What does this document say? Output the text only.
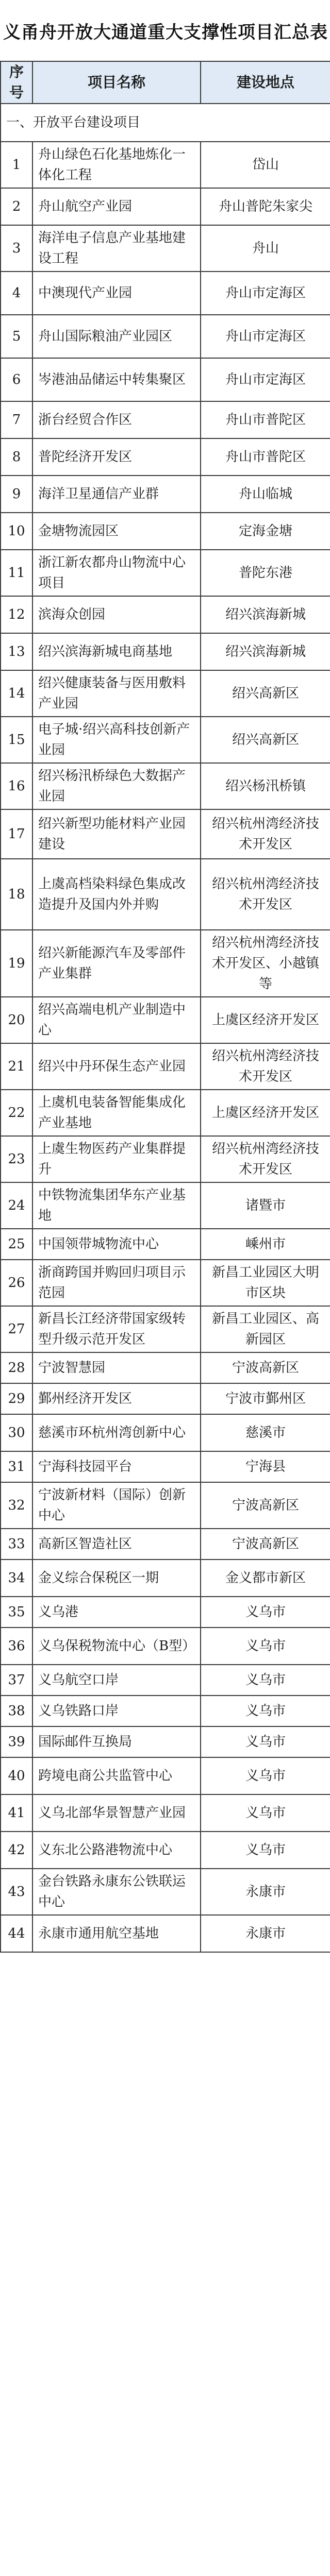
义甬舟开放大通道重大支撑性项目汇总表
序号	项目名称	建设地点
一、开放平台建设项目		
1	舟山绿色石化基地炼化一体化工程	岱山
2	舟山航空产业园	舟山普陀朱家尖
3	海洋电子信息产业基地建设工程	舟山
4	中澳现代产业园	舟山市定海区
5	舟山国际粮油产业园区	舟山市定海区
6	岑港油品储运中转集聚区	舟山市定海区
7	浙台经贸合作区	舟山市普陀区
8	普陀经济开发区	舟山市普陀区
9	海洋卫星通信产业群	舟山临城
10	金塘物流园区	定海金塘
11	浙江新农都舟山物流中心项目	普陀东港
12	滨海众创园	绍兴滨海新城
13	绍兴滨海新城电商基地	绍兴滨海新城
14	绍兴健康装备与医用敷料产业园	绍兴高新区
15	电子城·绍兴高科技创新产业园	绍兴高新区
16	绍兴杨汛桥绿色大数据产业园	绍兴杨汛桥镇
17	绍兴新型功能材料产业园建设	绍兴杭州湾经济技术开发区
18	上虞高档染料绿色集成改造提升及国内外并购	绍兴杭州湾经济技术开发区
19	绍兴新能源汽车及零部件产业集群	绍兴杭州湾经济技术开发区、小越镇等
20	绍兴高端电机产业制造中心	上虞区经济开发区
21	绍兴中丹环保生态产业园	绍兴杭州湾经济技术开发区
22	上虞机电装备智能集成化产业基地	上虞区经济开发区
23	上虞生物医药产业集群提升	绍兴杭州湾经济技术开发区
24	中铁物流集团华东产业基地	诸暨市
25	中国领带城物流中心	嵊州市
26	浙商跨国并购回归项目示范园	新昌工业园区大明市区块
27	新昌长江经济带国家级转型升级示范开发区	新昌工业园区、高新园区
28	宁波智慧园	宁波高新区
29	鄞州经济开发区	宁波市鄞州区
30	慈溪市环杭州湾创新中心	慈溪市
31	宁海科技园平台	宁海县
32	宁波新材料（国际）创新中心	宁波高新区
33	高新区智造社区	宁波高新区
34	金义综合保税区一期	金义都市新区
35	义乌港	义乌市
36	义乌保税物流中心（B型）	义乌市
37	义乌航空口岸	义乌市
38	义乌铁路口岸	义乌市
39	国际邮件互换局	义乌市
40	跨境电商公共监管中心	义乌市
41	义乌北部华景智慧产业园	义乌市
42	义东北公路港物流中心	义乌市
43	金台铁路永康东公铁联运中心	永康市
44	永康市通用航空基地	永康市
